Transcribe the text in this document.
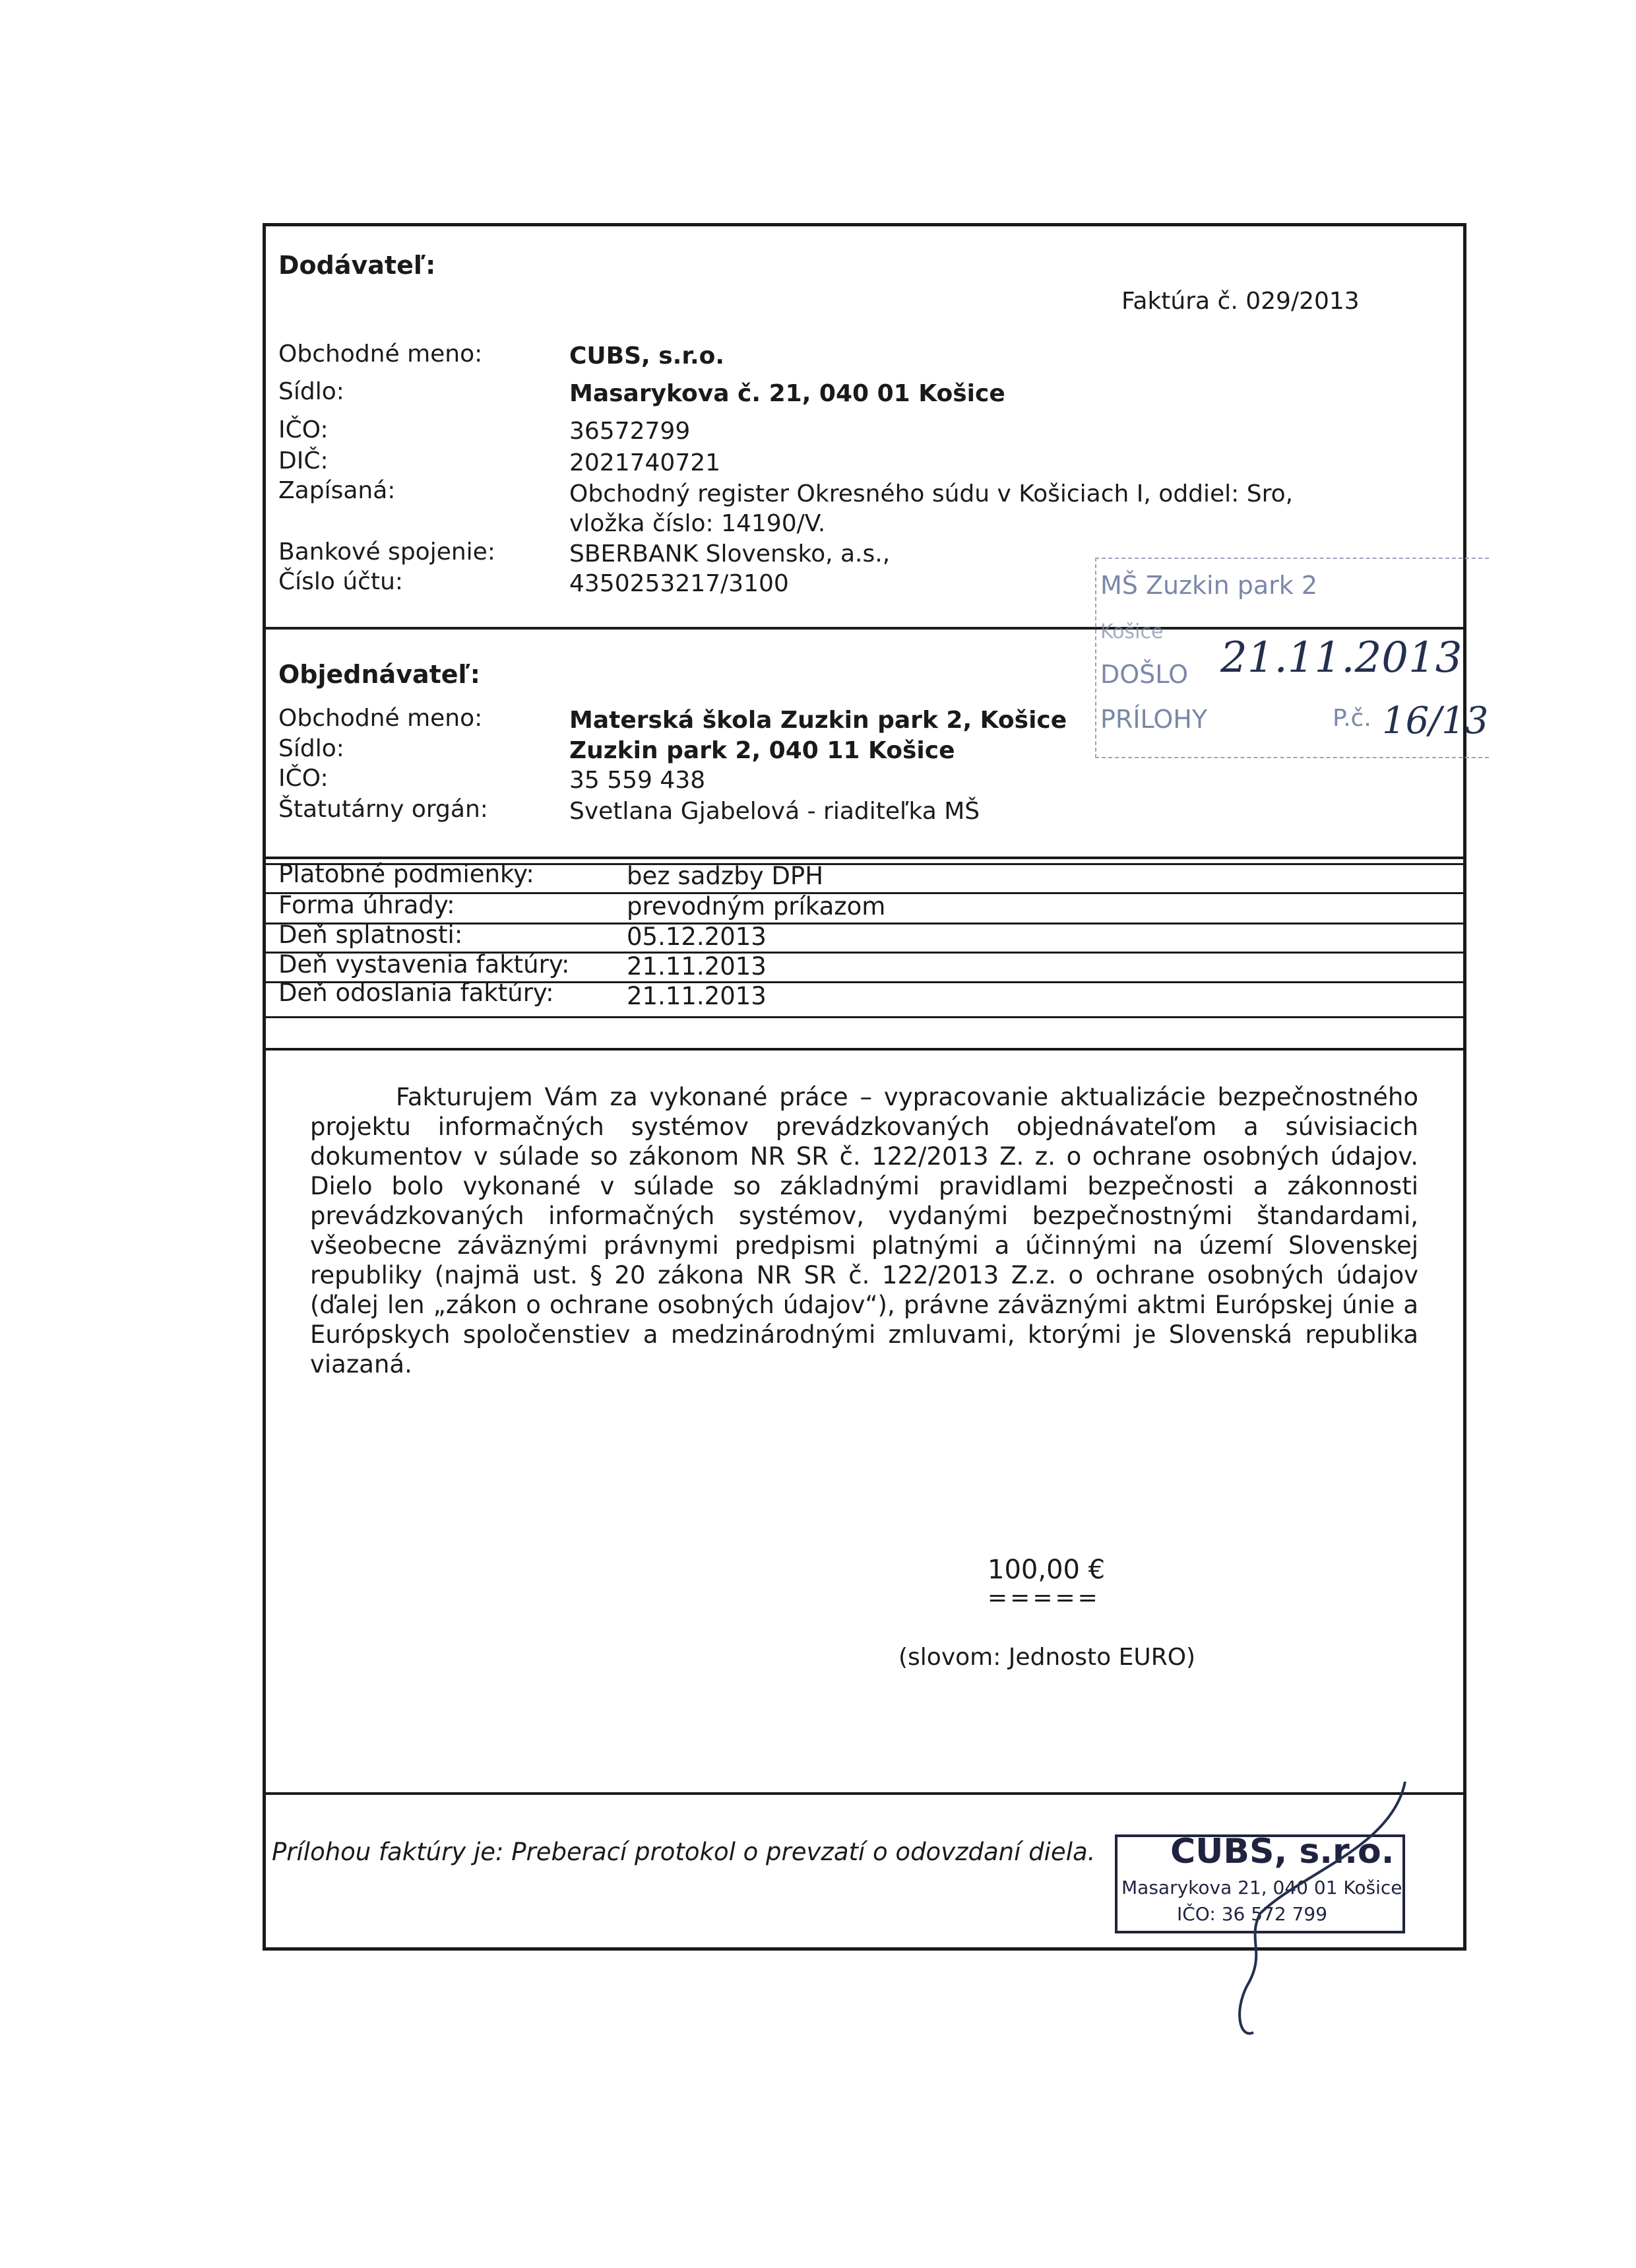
Dodávateľ:
Faktúra č. 029/2013
Obchodné meno:	CUBS, s.r.o.
Sídlo:	Masarykova č. 21, 040 01 Košice
IČO:	36572799
DIČ:	2021740721
Zapísaná:	Obchodný register Okresného súdu v Košiciach I, oddiel: Sro,
vložka číslo: 14190/V.
Bankové spojenie:	SBERBANK Slovensko, a.s.,
Číslo účtu:	4350253217/3100
Objednávateľ:
Obchodné meno:	Materská škola Zuzkin park 2, Košice
Sídlo:	Zuzkin park 2, 040 11 Košice
IČO:	35 559 438
Štatutárny orgán:	Svetlana Gjabelová - riaditeľka MŠ
Platobné podmienky:	bez sadzby DPH
Forma úhrady:	prevodným príkazom
Deň splatnosti:	05.12.2013
Deň vystavenia faktúry: 21.11.2013
Deň odoslania faktúry:	21.11.2013

Fakturujem Vám za vykonané práce – vypracovanie aktualizácie bezpečnostného projektu informačných systémov prevádzkovaných objednávateľom a súvisiacich dokumentov v súlade so zákonom NR SR č. 122/2013 Z. z. o ochrane osobných údajov. Dielo bolo vykonané v súlade so základnými pravidlami bezpečnosti a zákonnosti prevádzkovaných informačných systémov, vydanými bezpečnostnými štandardami, všeobecne záväznými právnymi predpismi platnými a účinnými na území Slovenskej republiky (najmä ust. § 20 zákona NR SR č. 122/2013 Z.z. o ochrane osobných údajov (ďalej len „zákon o ochrane osobných údajov“), právne záväznými aktmi Európskej únie a Európskych spoločenstiev a medzinárodnými zmluvami, ktorými je Slovenská republika viazaná.

100,00 €
=====
(slovom: Jednosto EURO)
Prílohou faktúry je: Preberací protokol o prevzatí o odovzdaní diela.
MŠ Zuzkin park 2
Košice
DOŠLO
PRÍLOHY	P.č.
21.11.2013
16/13
CUBS, s.r.o.
Masarykova 21, 040 01 Košice
IČO: 36 572 799
